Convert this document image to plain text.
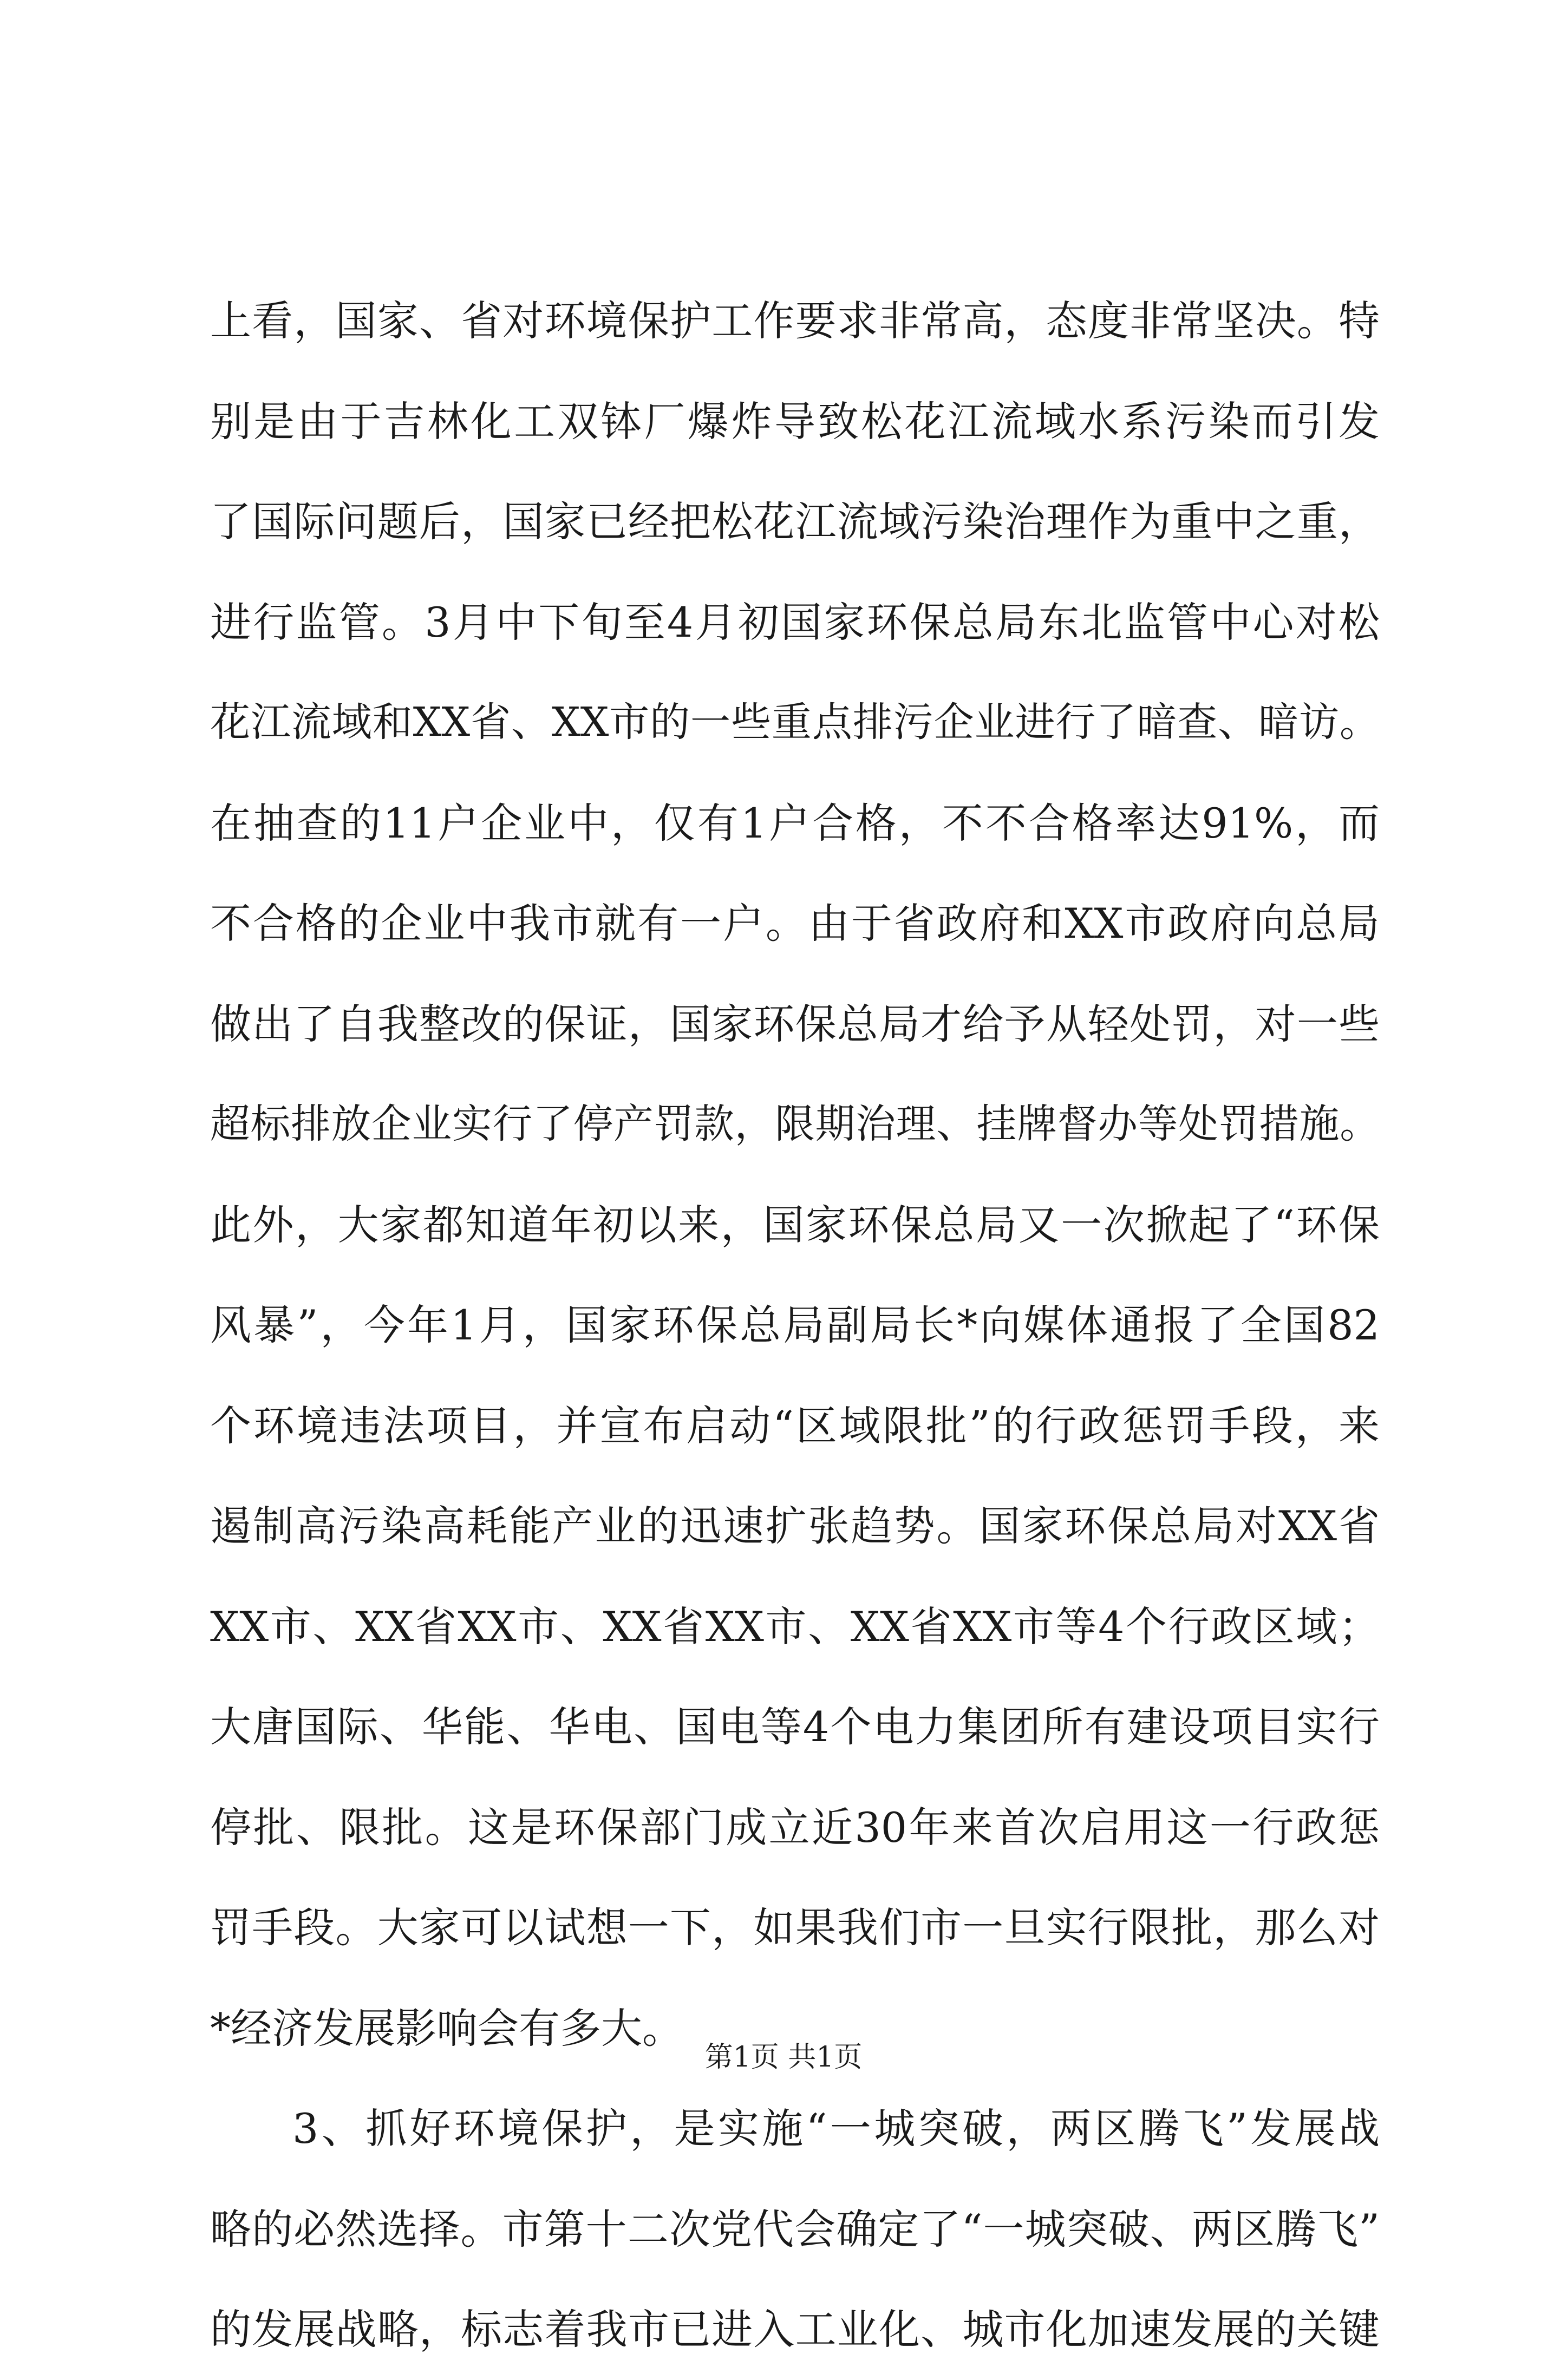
上看，国家、省对环境保护工作要求非常高，态度非常坚决。特
别是由于吉林化工双钵厂爆炸导致松花江流域水系污染而引发
了国际问题后，国家已经把松花江流域污染治理作为重中之重，
进行监管。3月中下旬至4月初国家环保总局东北监管中心对松
花江流域和XX省、XX市的一些重点排污企业进行了暗查、暗访。
在抽查的11户企业中，仅有1户合格，不不合格率达91%，而
不合格的企业中我市就有一户。由于省政府和XX市政府向总局
做出了自我整改的保证，国家环保总局才给予从轻处罚，对一些
超标排放企业实行了停产罚款，限期治理、挂牌督办等处罚措施。
此外，大家都知道年初以来，国家环保总局又一次掀起了“环保
风暴”，今年1月，国家环保总局副局长*向媒体通报了全国82
个环境违法项目，并宣布启动“区域限批”的行政惩罚手段，来
遏制高污染高耗能产业的迅速扩张趋势。国家环保总局对XX省
XX市、XX省XX市、XX省XX市、XX省XX市等4个行政区域；
大唐国际、华能、华电、国电等4个电力集团所有建设项目实行
停批、限批。这是环保部门成立近30年来首次启用这一行政惩
罚手段。大家可以试想一下，如果我们市一旦实行限批，那么对
*经济发展影响会有多大。
3、抓好环境保护，是实施“一城突破，两区腾飞”发展战
略的必然选择。市第十二次党代会确定了“一城突破、两区腾飞”
的发展战略，标志着我市已进入工业化、城市化加速发展的关键
第1页 共1页
